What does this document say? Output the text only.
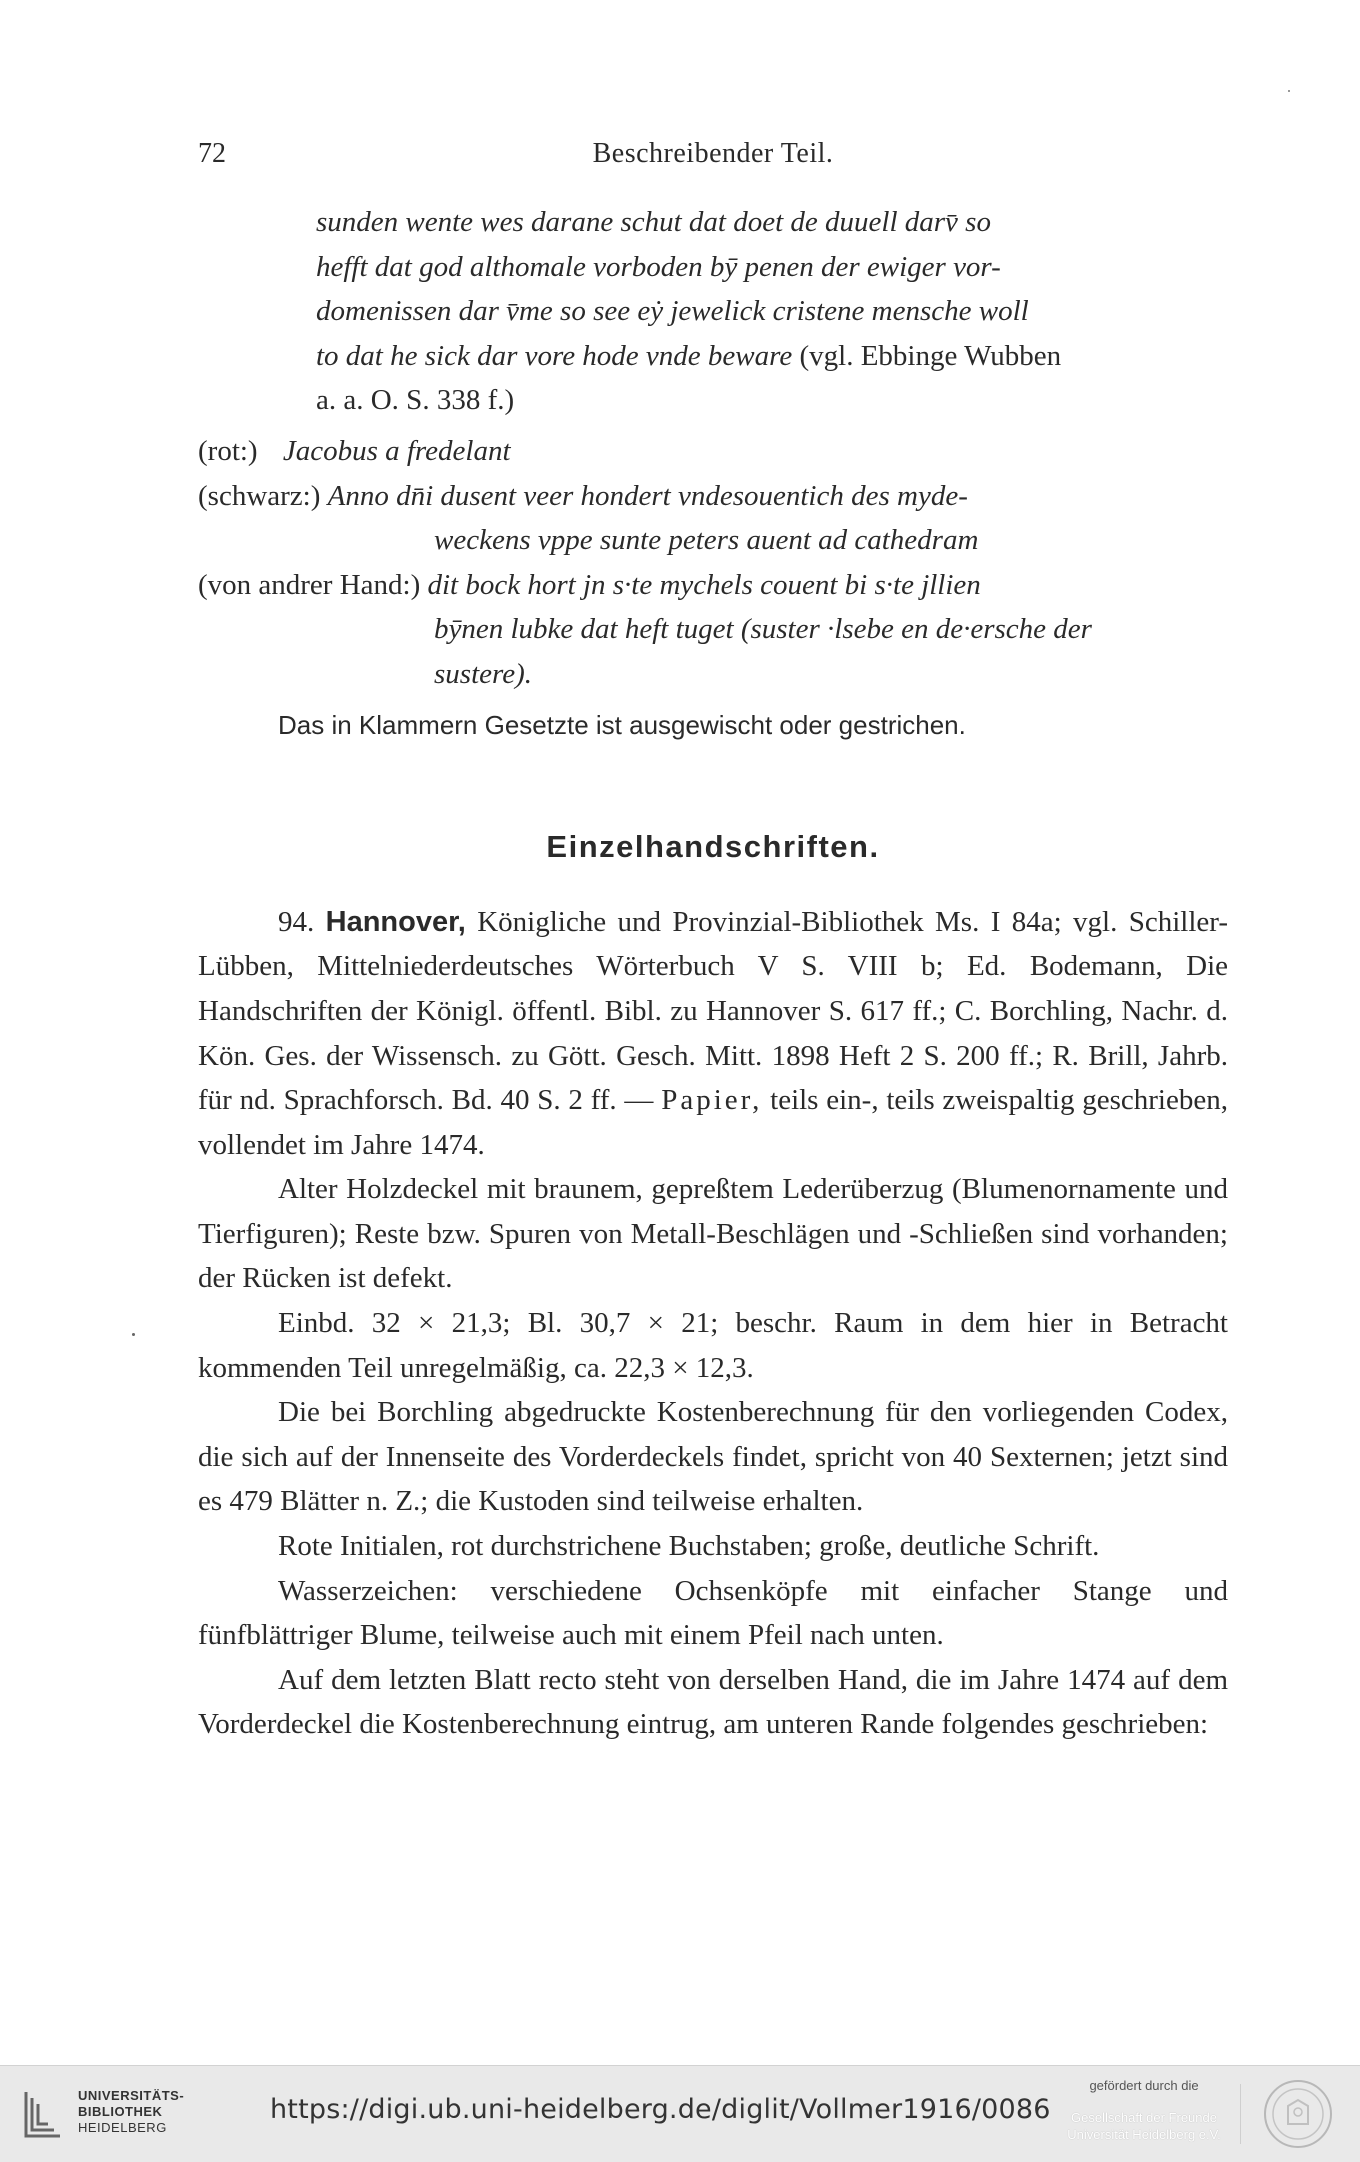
72	Beschreibender Teil.

sunden wente wes darane schut dat doet de duuell darv̄ so

hefft dat god althomale vorboden bȳ penen der ewiger vor-

domenissen dar v̄me so see eẏ jewelick cristene mensche woll

to dat he sick dar vore hode vnde beware (vgl. Ebbinge Wubben

a. a. O. S. 338 f.)

(rot:) Jacobus a fredelant

(schwarz:) Anno dn̄i dusent veer hondert vndesouentich des myde-

weckens vppe sunte peters auent ad cathedram

(von andrer Hand:) dit bock hort jn s·te mychels couent bi s·te jllien

bȳnen lubke dat heft tuget (suster ·lsebe en de·ersche der

sustere).

Das in Klammern Gesetzte ist ausgewischt oder gestrichen.

Einzelhandschriften.

94. Hannover, Königliche und Provinzial-Bibliothek Ms. I 84a; vgl. Schiller-Lübben, Mittelniederdeutsches Wörterbuch V S. VIII b; Ed. Bodemann, Die Handschriften der Königl. öffentl. Bibl. zu Hannover S. 617 ff.; C. Borchling, Nachr. d. Kön. Ges. der Wissensch. zu Gött. Gesch. Mitt. 1898 Heft 2 S. 200 ff.; R. Brill, Jahrb. für nd. Sprachforsch. Bd. 40 S. 2 ff. — Papier, teils ein-, teils zweispaltig geschrieben, vollendet im Jahre 1474.

Alter Holzdeckel mit braunem, gepreßtem Lederüberzug (Blumenornamente und Tierfiguren); Reste bzw. Spuren von Metall-Beschlägen und -Schließen sind vorhanden; der Rücken ist defekt.

Einbd. 32 × 21,3; Bl. 30,7 × 21; beschr. Raum in dem hier in Betracht kommenden Teil unregelmäßig, ca. 22,3 × 12,3.

Die bei Borchling abgedruckte Kostenberechnung für den vorliegenden Codex, die sich auf der Innenseite des Vorderdeckels findet, spricht von 40 Sexternen; jetzt sind es 479 Blätter n. Z.; die Kustoden sind teilweise erhalten.

Rote Initialen, rot durchstrichene Buchstaben; große, deutliche Schrift.

Wasserzeichen: verschiedene Ochsenköpfe mit einfacher Stange und fünfblättriger Blume, teilweise auch mit einem Pfeil nach unten.

Auf dem letzten Blatt recto steht von derselben Hand, die im Jahre 1474 auf dem Vorderdeckel die Kostenberechnung eintrug, am unteren Rande folgendes geschrieben:

UNIVERSITÄTS-
BIBLIOTHEK
HEIDELBERG
https://digi.ub.uni-heidelberg.de/diglit/Vollmer1916/0086
gefördert durch die
Gesellschaft der Freunde
Universität Heidelberg e.V.
